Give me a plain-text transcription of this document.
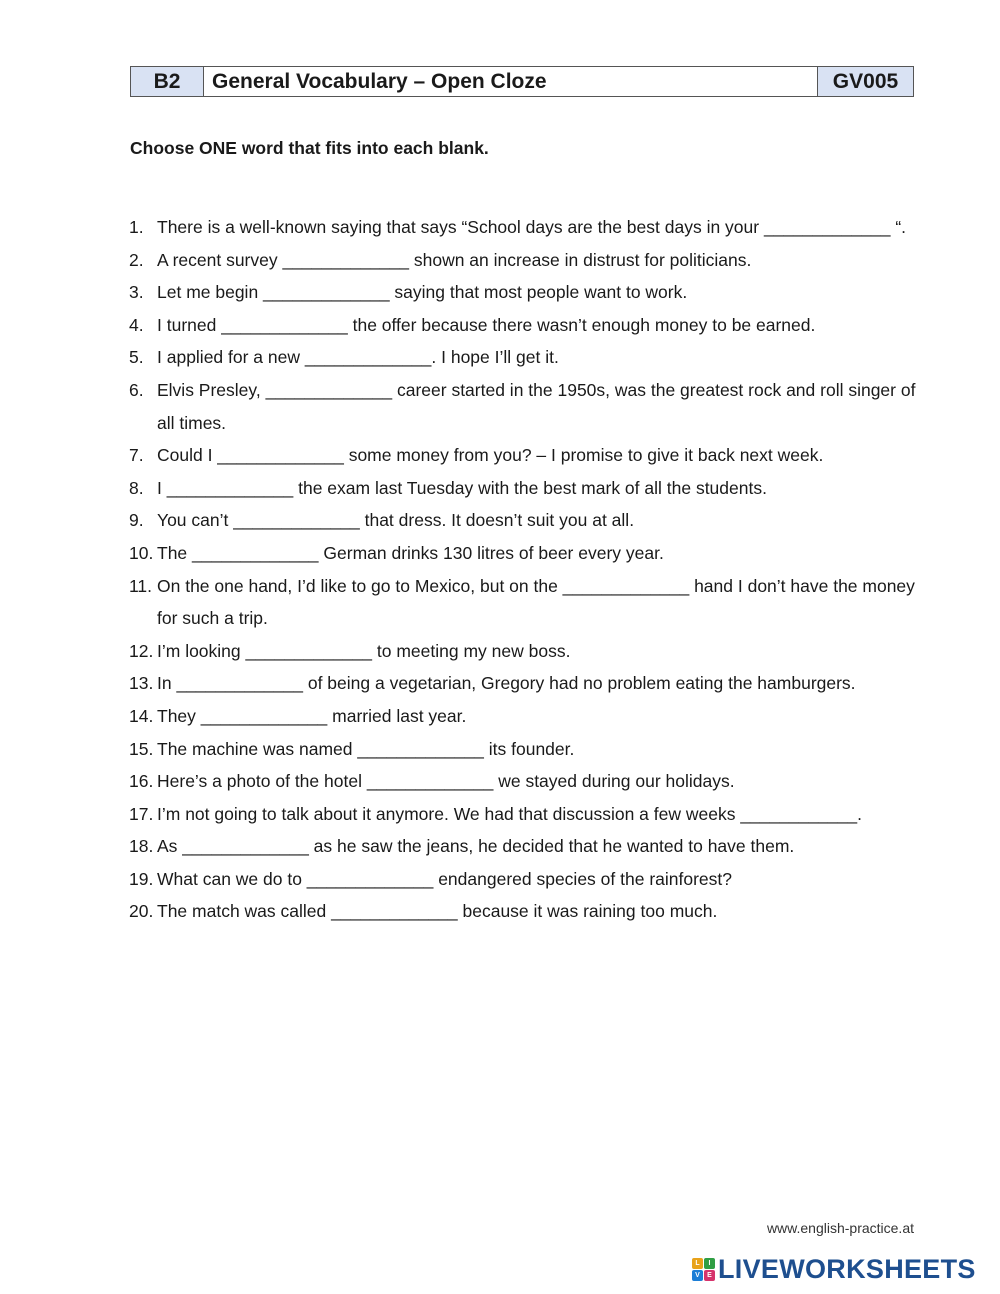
B2	General Vocabulary – Open Cloze	GV005

Choose ONE word that fits into each blank.

1. There is a well-known saying that says “School days are the best days in your _____________ “.
2. A recent survey _____________ shown an increase in distrust for politicians.
3. Let me begin _____________ saying that most people want to work.
4. I turned _____________ the offer because there wasn’t enough money to be earned.
5. I applied for a new _____________. I hope I’ll get it.
6. Elvis Presley, _____________ career started in the 1950s, was the greatest rock and roll singer of all times.
7. Could I _____________ some money from you? – I promise to give it back next week.
8. I _____________ the exam last Tuesday with the best mark of all the students.
9. You can’t _____________ that dress. It doesn’t suit you at all.
10. The _____________ German drinks 130 litres of beer every year.
11. On the one hand, I’d like to go to Mexico, but on the _____________ hand I don’t have the money for such a trip.
12. I’m looking _____________ to meeting my new boss.
13. In _____________ of being a vegetarian, Gregory had no problem eating the hamburgers.
14. They _____________ married last year.
15. The machine was named _____________ its founder.
16. Here’s a photo of the hotel _____________ we stayed during our holidays.
17. I’m not going to talk about it anymore. We had that discussion a few weeks ____________.
18. As _____________ as he saw the jeans, he decided that he wanted to have them.
19. What can we do to _____________ endangered species of the rainforest?
20. The match was called _____________ because it was raining too much.
www.english-practice.at
L	I
V	E LIVEWORKSHEETS
